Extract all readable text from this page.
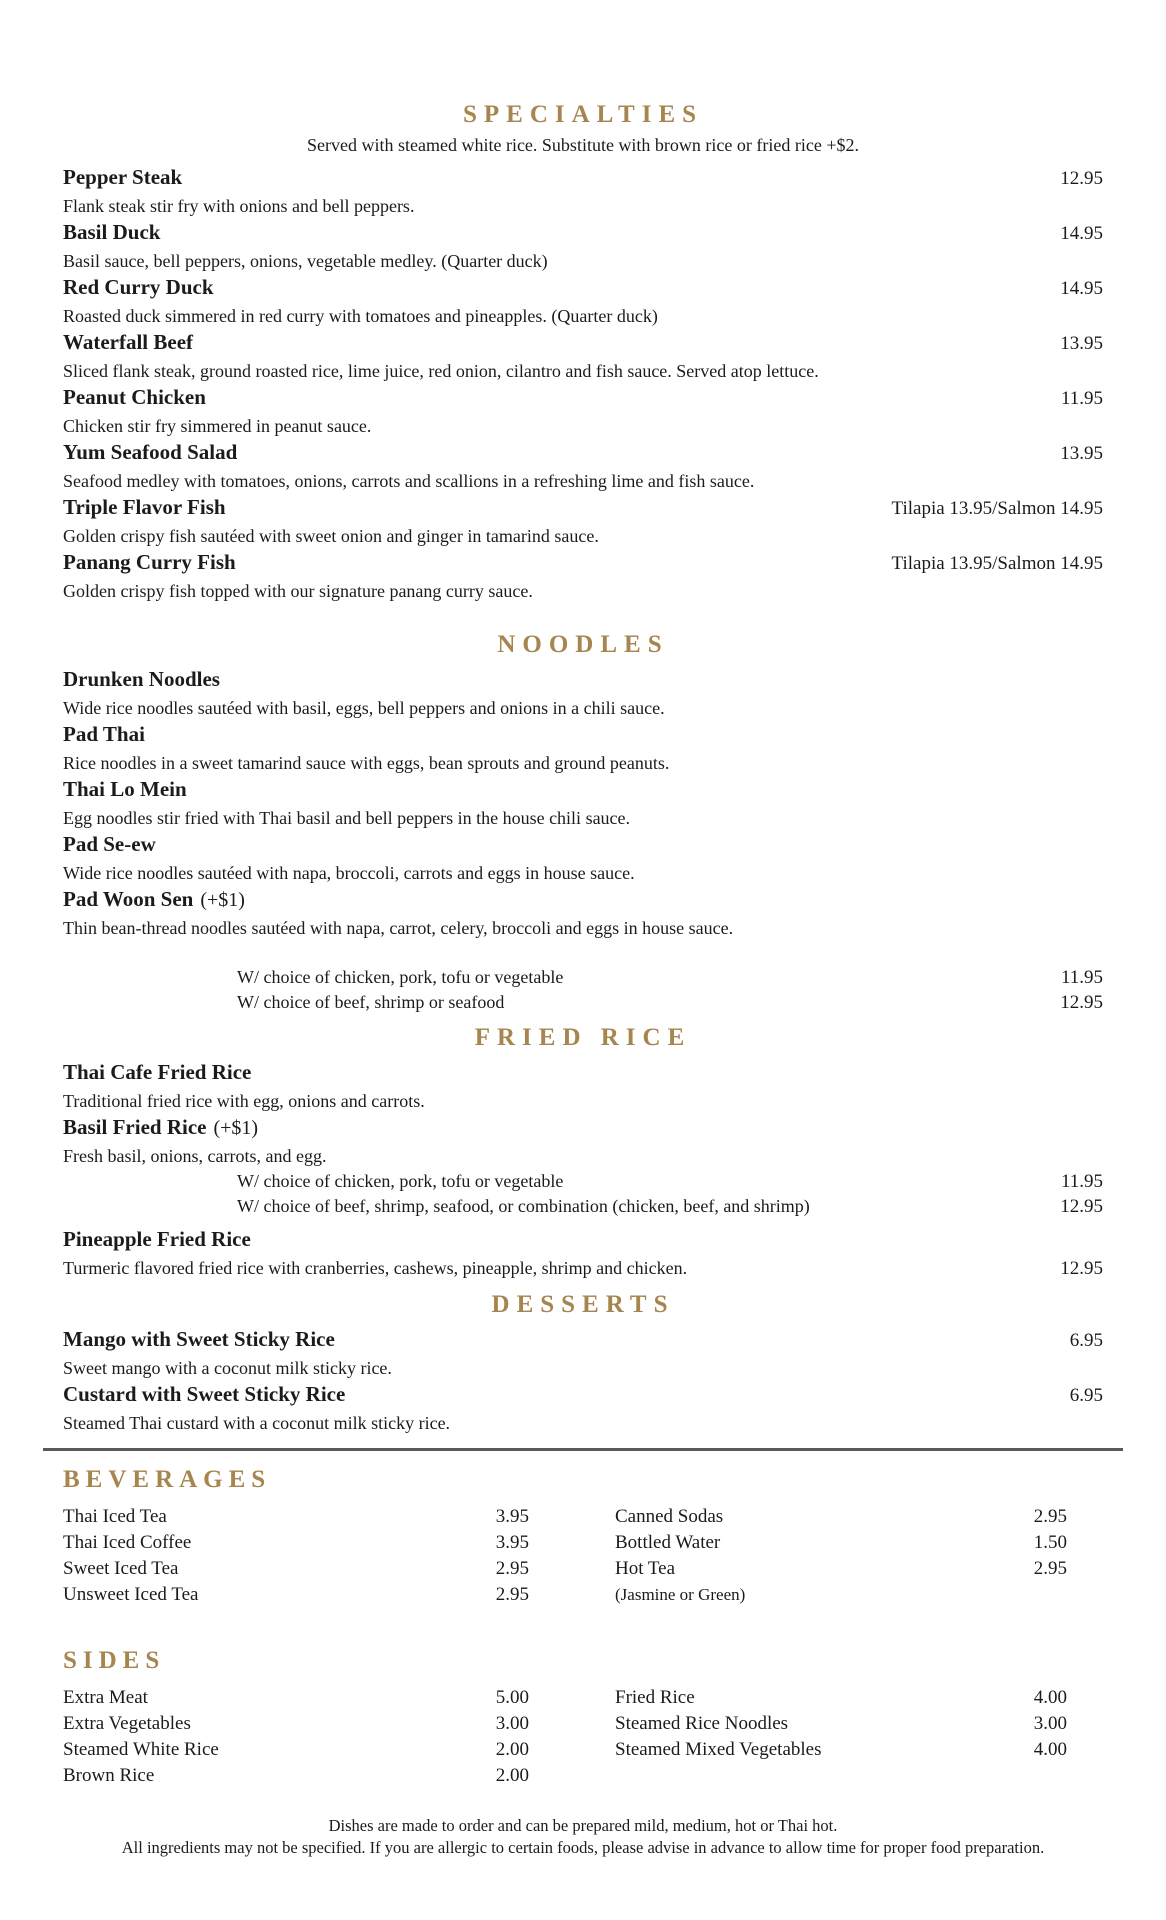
SPECIALTIES
Served with steamed white rice. Substitute with brown rice or fried rice +$2.
Pepper Steak	12.95
Flank steak stir fry with onions and bell peppers.
Basil Duck	14.95
Basil sauce, bell peppers, onions, vegetable medley. (Quarter duck)
Red Curry Duck	14.95
Roasted duck simmered in red curry with tomatoes and pineapples. (Quarter duck)
Waterfall Beef	13.95
Sliced flank steak, ground roasted rice, lime juice, red onion, cilantro and fish sauce. Served atop lettuce.
Peanut Chicken	11.95
Chicken stir fry simmered in peanut sauce.
Yum Seafood Salad	13.95
Seafood medley with tomatoes, onions, carrots and scallions in a refreshing lime and fish sauce.
Triple Flavor Fish	Tilapia 13.95/Salmon 14.95
Golden crispy fish sautéed with sweet onion and ginger in tamarind sauce.
Panang Curry Fish	Tilapia 13.95/Salmon 14.95
Golden crispy fish topped with our signature panang curry sauce.
NOODLES
Drunken Noodles
Wide rice noodles sautéed with basil, eggs, bell peppers and onions in a chili sauce.
Pad Thai
Rice noodles in a sweet tamarind sauce with eggs, bean sprouts and ground peanuts.
Thai Lo Mein
Egg noodles stir fried with Thai basil and bell peppers in the house chili sauce.
Pad Se-ew
Wide rice noodles sautéed with napa, broccoli, carrots and eggs in house sauce.
Pad Woon Sen (+$1)
Thin bean-thread noodles sautéed with napa, carrot, celery, broccoli and eggs in house sauce.
W/ choice of chicken, pork, tofu or vegetable	11.95
W/ choice of beef, shrimp or seafood	12.95
FRIED RICE
Thai Cafe Fried Rice
Traditional fried rice with egg, onions and carrots.
Basil Fried Rice (+$1)
Fresh basil, onions, carrots, and egg.
W/ choice of chicken, pork, tofu or vegetable	11.95
W/ choice of beef, shrimp, seafood, or combination (chicken, beef, and shrimp)	12.95
Pineapple Fried Rice
Turmeric flavored fried rice with cranberries, cashews, pineapple, shrimp and chicken.	12.95
DESSERTS
Mango with Sweet Sticky Rice	6.95
Sweet mango with a coconut milk sticky rice.
Custard with Sweet Sticky Rice	6.95
Steamed Thai custard with a coconut milk sticky rice.
BEVERAGES
Thai Iced Tea	3.95
Thai Iced Coffee	3.95
Sweet Iced Tea	2.95
Unsweet Iced Tea	2.95
Canned Sodas	2.95
Bottled Water	1.50
Hot Tea	2.95
(Jasmine or Green)
SIDES
Extra Meat	5.00
Extra Vegetables	3.00
Steamed White Rice	2.00
Brown Rice	2.00
Fried Rice	4.00
Steamed Rice Noodles	3.00
Steamed Mixed Vegetables	4.00
Dishes are made to order and can be prepared mild, medium, hot or Thai hot.
All ingredients may not be specified. If you are allergic to certain foods, please advise in advance to allow time for proper food preparation.
